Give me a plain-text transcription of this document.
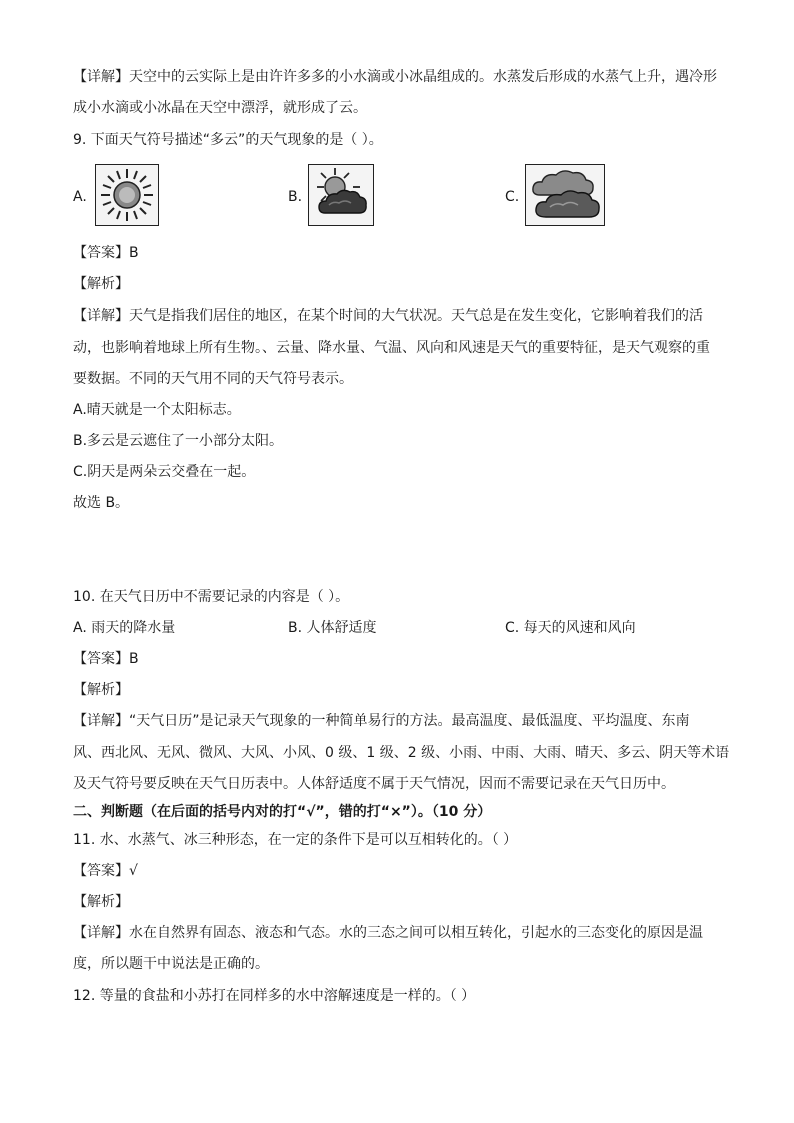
【详解】天空中的云实际上是由许许多多的小水滴或小冰晶组成的。水蒸发后形成的水蒸气上升，遇冷形
成小水滴或小冰晶在天空中漂浮，就形成了云。
9. 下面天气符号描述“多云”的天气现象的是（ ）。
A.	B.	C.
【答案】B
【解析】
【详解】天气是指我们居住的地区，在某个时间的大气状况。天气总是在发生变化，它影响着我们的活
动，也影响着地球上所有生物。、云量、降水量、气温、风向和风速是天气的重要特征，是天气观察的重
要数据。不同的天气用不同的天气符号表示。
A.晴天就是一个太阳标志。
B.多云是云遮住了一小部分太阳。
C.阴天是两朵云交叠在一起。
故选 B。
10. 在天气日历中不需要记录的内容是（ ）。
A. 雨天的降水量	B. 人体舒适度	C. 每天的风速和风向
【答案】B
【解析】
【详解】“天气日历”是记录天气现象的一种简单易行的方法。最高温度、最低温度、平均温度、东南
风、西北风、无风、微风、大风、小风、0 级、1 级、2 级、小雨、中雨、大雨、晴天、多云、阴天等术语
及天气符号要反映在天气日历表中。人体舒适度不属于天气情况，因而不需要记录在天气日历中。
二、判断题（在后面的括号内对的打“√”，错的打“×”）。（10 分）
11. 水、水蒸气、冰三种形态，在一定的条件下是可以互相转化的。（ ）
【答案】√
【解析】
【详解】水在自然界有固态、液态和气态。水的三态之间可以相互转化，引起水的三态变化的原因是温
度，所以题干中说法是正确的。
12. 等量的食盐和小苏打在同样多的水中溶解速度是一样的。（ ）
